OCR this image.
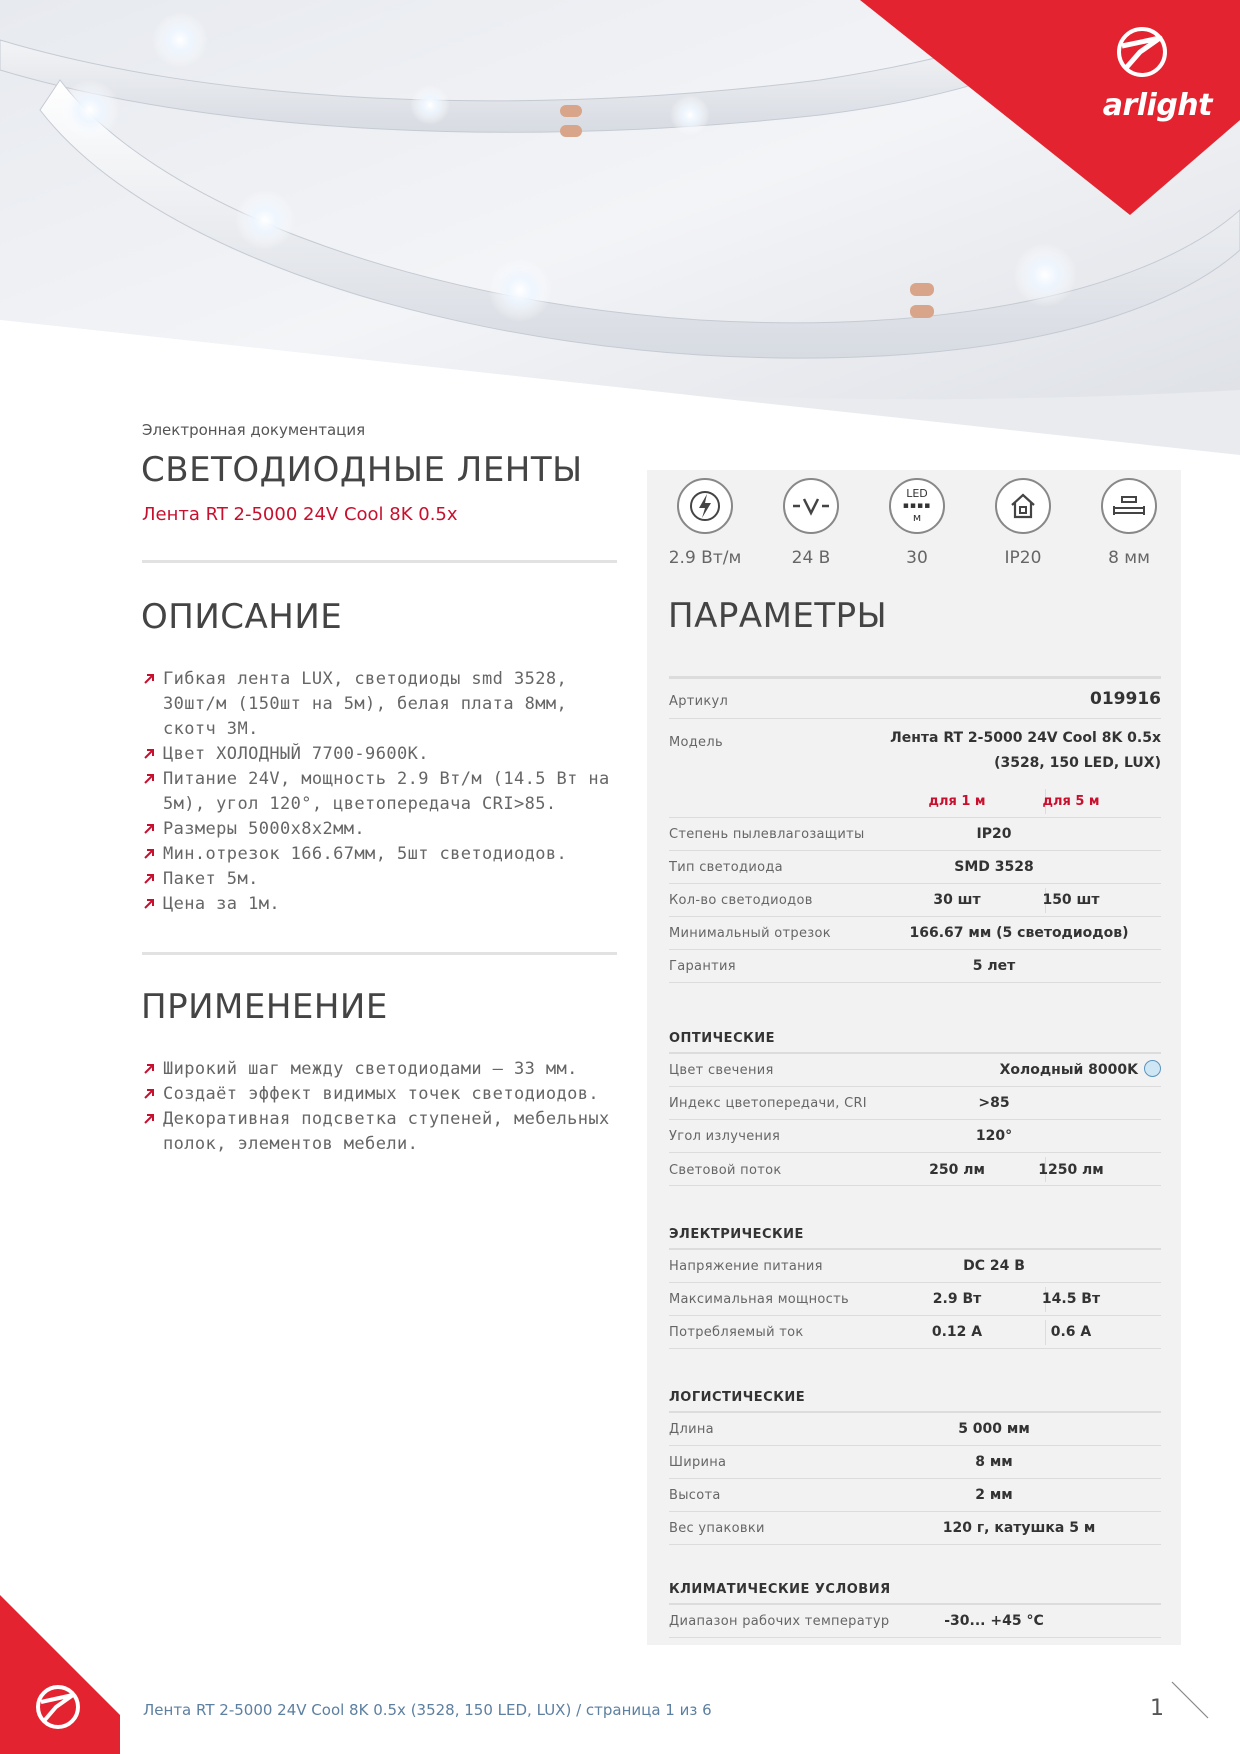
arlight
Электронная документация
СВЕТОДИОДНЫЕ ЛЕНТЫ
Лента RT 2-5000 24V Cool 8K 0.5x
ОПИСАНИЕ
Гибкая лента LUX, светодиоды smd 3528, 30шт/м (150шт на 5м), белая плата 8мм, скотч 3М.
Цвет ХОЛОДНЫЙ 7700-9600K.
Питание 24V, мощность 2.9 Вт/м (14.5 Вт на 5м), угол 120°, цветопередача CRI>85.
Размеры 5000x8x2мм.
Мин.отрезок 166.67мм, 5шт светодиодов.
Пакет 5м.
Цена за 1м.
ПРИМЕНЕНИЕ
Широкий шаг между светодиодами – 33 мм.
Создаёт эффект видимых точек светодиодов.
Декоративная подсветка ступеней, мебельных полок, элементов мебели.
2.9 Вт/м	24 В
LED
▪▪▪▪
м
30	IP20	8 мм
ПАРАМЕТРЫ
Артикул	019916
Модель	Лента RT 2-5000 24V Cool 8K 0.5x
(3528, 150 LED, LUX)
для 1 м	для 5 м
Степень пылевлагозащиты	IP20
Тип светодиода	SMD 3528
Кол-во светодиодов	30 шт	150 шт
Минимальный отрезок	166.67 мм (5 светодиодов)
Гарантия	5 лет
ОПТИЧЕСКИЕ
Цвет свечения	Холодный 8000K
Индекс цветопередачи, CRI	>85
Угол излучения	120°
Световой поток	250 лм	1250 лм
ЭЛЕКТРИЧЕСКИЕ
Напряжение питания	DC 24 В
Максимальная мощность	2.9 Вт	14.5 Вт
Потребляемый ток	0.12 А	0.6 А
ЛОГИСТИЧЕСКИЕ
Длина	5 000 мм
Ширина	8 мм
Высота	2 мм
Вес упаковки	120 г, катушка 5 м
КЛИМАТИЧЕСКИЕ УСЛОВИЯ
Диапазон рабочих температур	-30... +45 °C
Лента RT 2-5000 24V Cool 8K 0.5x (3528, 150 LED, LUX) / страница 1 из 6	1
